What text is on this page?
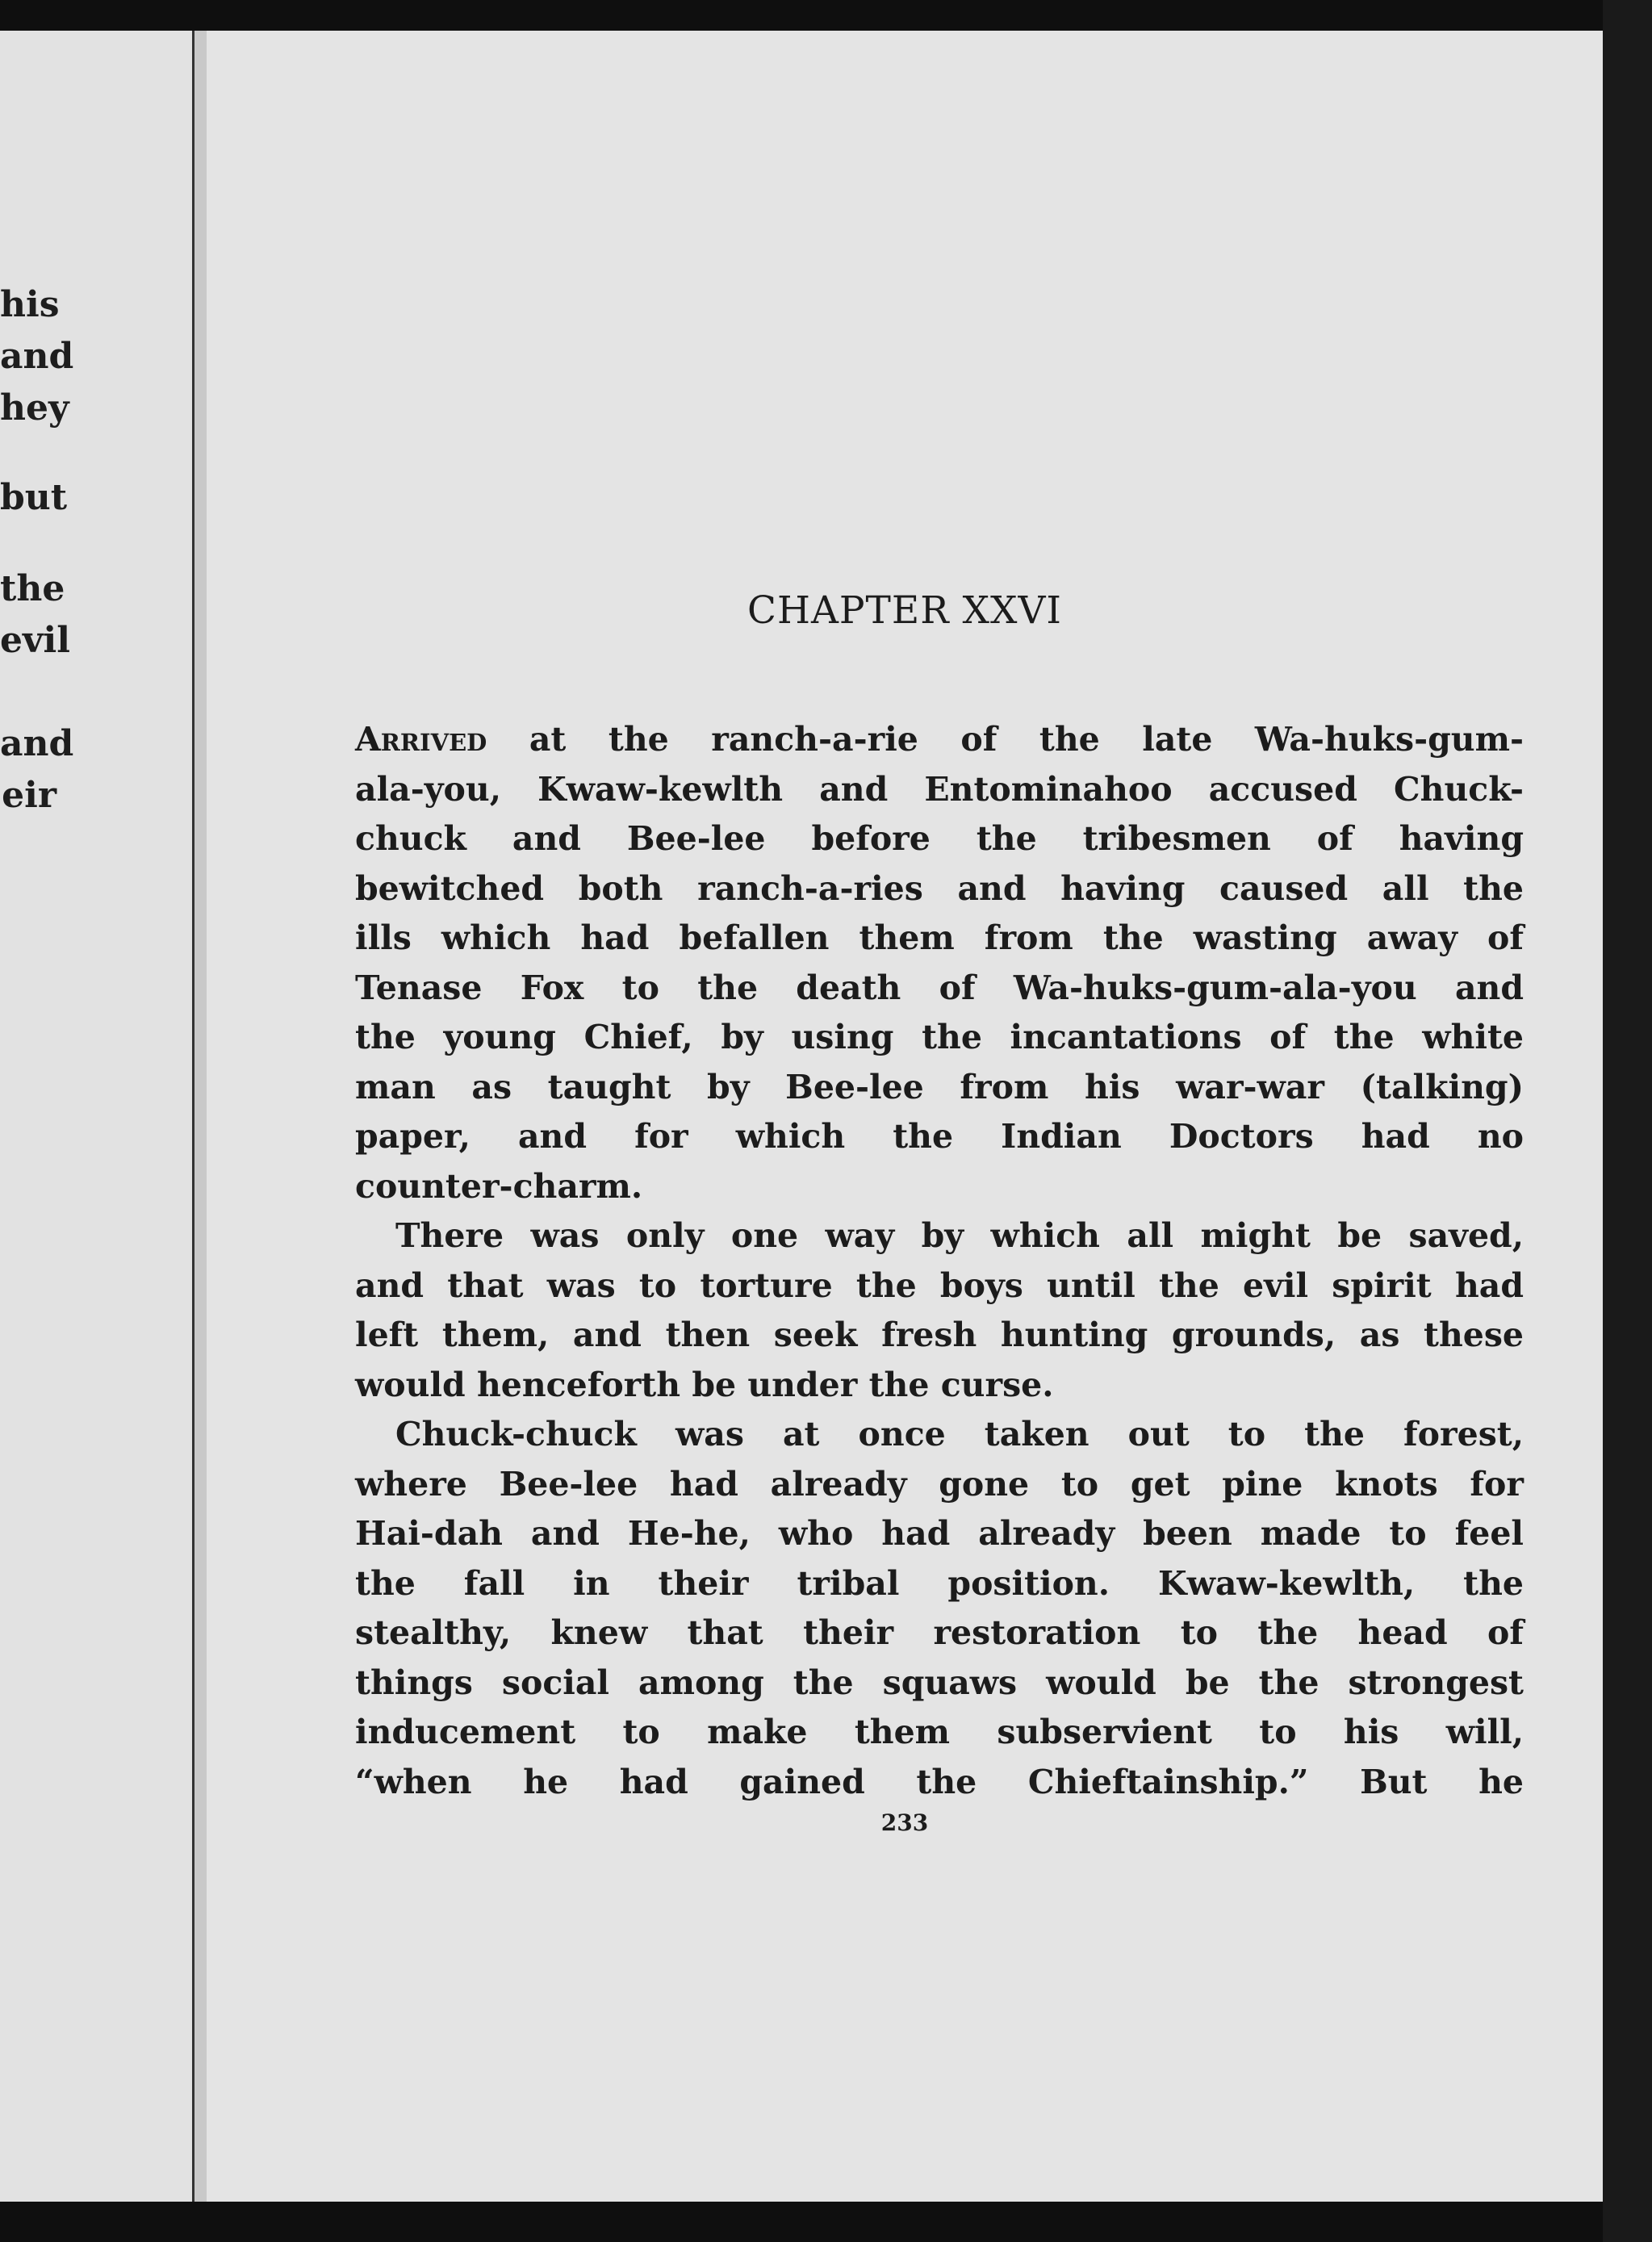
his
and
hey
but
the
evil
and
eir
CHAPTER XXVI

Arrived at the ranch-a-rie of the late Wa-huks-gum-
ala-you, Kwaw-kewlth and Entominahoo accused Chuck-
chuck and Bee-lee before the tribesmen of having
bewitched both ranch-a-ries and having caused all the
ills which had befallen them from the wasting away of
Tenase Fox to the death of Wa-huks-gum-ala-you and
the young Chief, by using the incantations of the white
man as taught by Bee-lee from his war-war (talking)
paper, and for which the Indian Doctors had no
counter-charm.

There was only one way by which all might be saved,
and that was to torture the boys until the evil spirit had
left them, and then seek fresh hunting grounds, as these
would henceforth be under the curse.

Chuck-chuck was at once taken out to the forest,
where Bee-lee had already gone to get pine knots for
Hai-dah and He-he, who had already been made to feel
the fall in their tribal position. Kwaw-kewlth, the
stealthy, knew that their restoration to the head of
things social among the squaws would be the strongest
inducement to make them subservient to his will,
“when he had gained the Chieftainship.” But he

233
